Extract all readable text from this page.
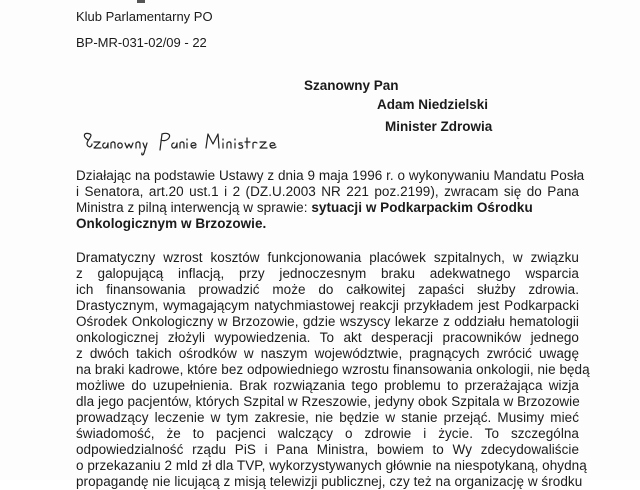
Klub Parlamentarny PO
BP-MR-031-02/09 - 22
Szanowny Pan
Adam Niedzielski
Minister Zdrowia
Działając na podstawie Ustawy z dnia 9 maja 1996 r. o wykonywaniu Mandatu Posła
i Senatora, art.20 ust.1 i 2 (DZ.U.2003 NR 221 poz.2199), zwracam się do Pana
Ministra z pilną interwencją w sprawie: sytuacji w Podkarpackim Ośrodku
Onkologicznym w Brzozowie.
Dramatyczny wzrost kosztów funkcjonowania placówek szpitalnych, w związku
z galopującą inflacją, przy jednoczesnym braku adekwatnego wsparcia
ich finansowania prowadzić może do całkowitej zapaści służby zdrowia.
Drastycznym, wymagającym natychmiastowej reakcji przykładem jest Podkarpacki
Ośrodek Onkologiczny w Brzozowie, gdzie wszyscy lekarze z oddziału hematologii
onkologicznej złożyli wypowiedzenia. To akt desperacji pracowników jednego
z dwóch takich ośrodków w naszym województwie, pragnących zwrócić uwagę
na braki kadrowe, które bez odpowiedniego wzrostu finansowania onkologii, nie będą
możliwe do uzupełnienia. Brak rozwiązania tego problemu to przerażająca wizja
dla jego pacjentów, których Szpital w Rzeszowie, jedyny obok Szpitala w Brzozowie
prowadzący leczenie w tym zakresie, nie będzie w stanie przejąć. Musimy mieć
świadomość, że to pacjenci walczący o zdrowie i życie. To szczególna
odpowiedzialność rządu PiS i Pana Ministra, bowiem to Wy zdecydowaliście
o przekazaniu 2 mld zł dla TVP, wykorzystywanych głównie na niespotykaną, ohydną
propagandę nie licującą z misją telewizji publicznej, czy też na organizację w środku
